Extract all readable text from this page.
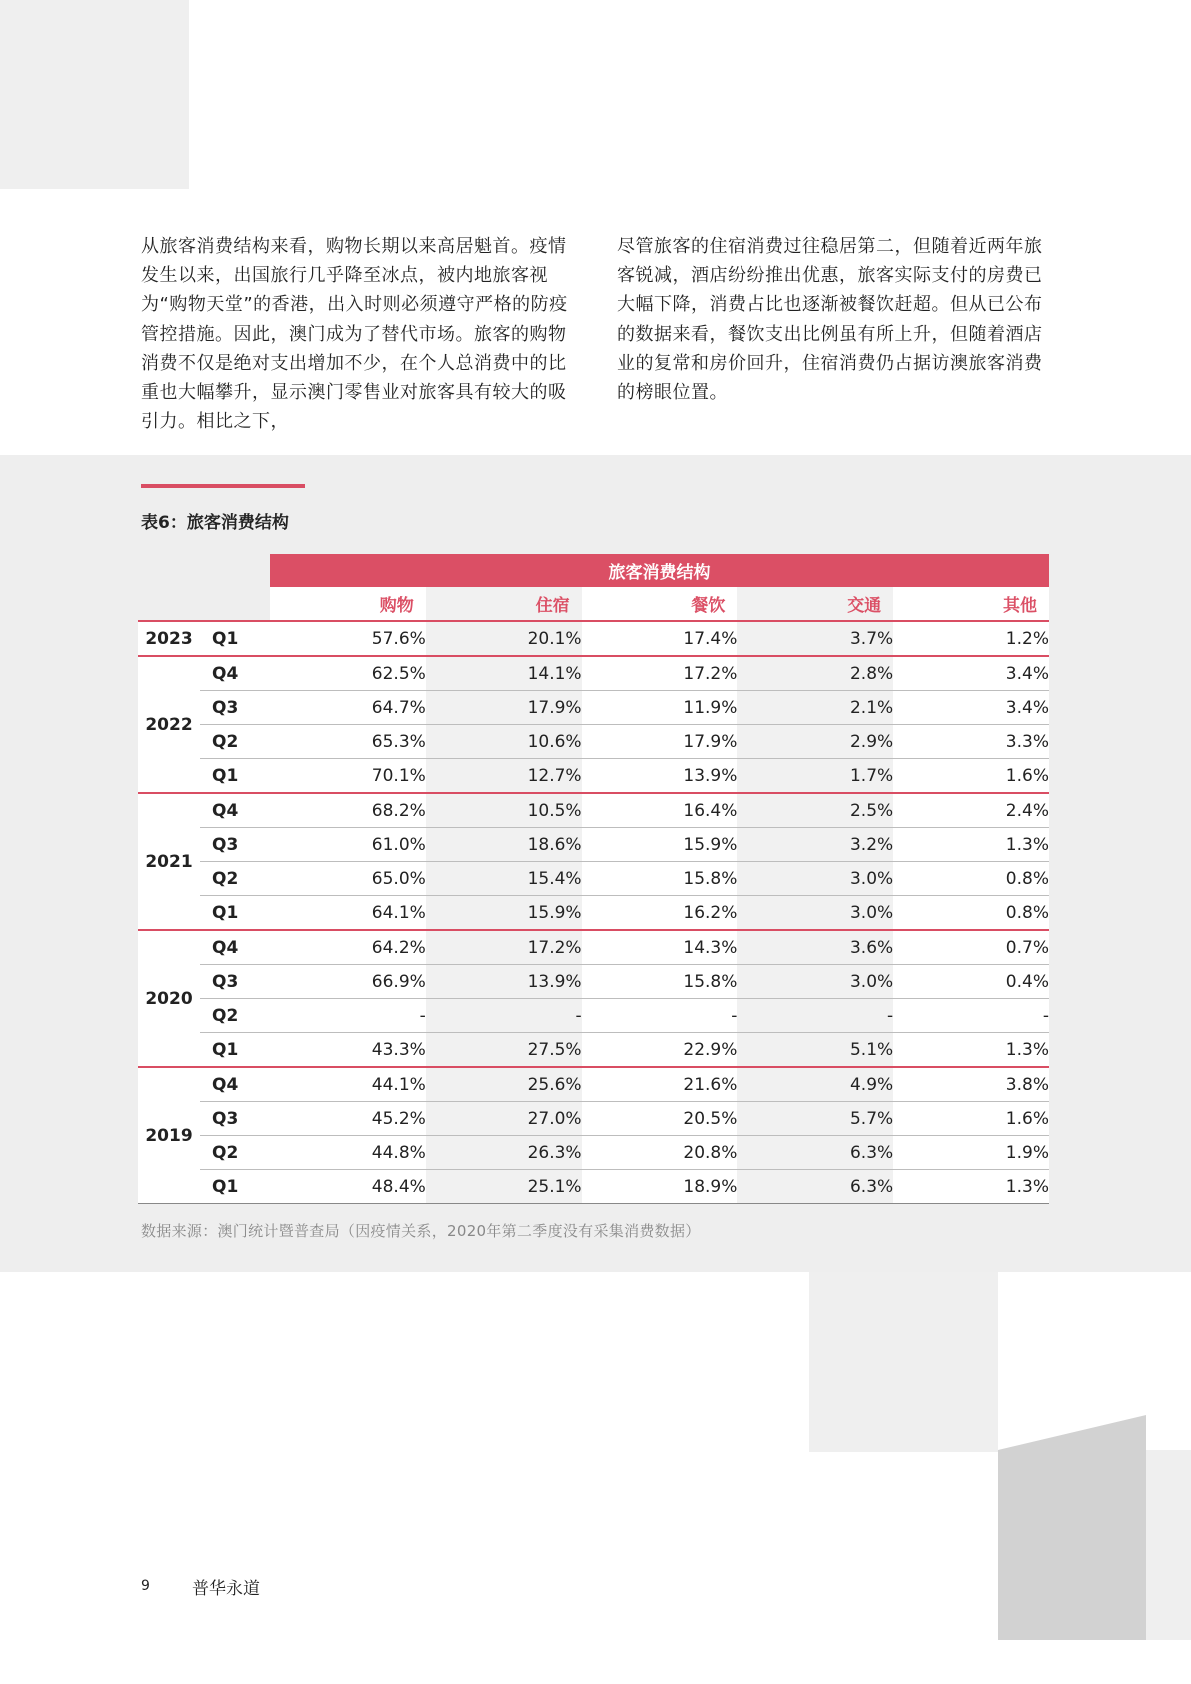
从旅客消费结构来看，购物长期以来高居魁首。疫情发生以来，出国旅行几乎降至冰点，被内地旅客视为“购物天堂”的香港，出入时则必须遵守严格的防疫管控措施。因此，澳门成为了替代市场。旅客的购物消费不仅是绝对支出增加不少，在个人总消费中的比重也大幅攀升，显示澳门零售业对旅客具有较大的吸引力。相比之下，

尽管旅客的住宿消费过往稳居第二，但随着近两年旅客锐减，酒店纷纷推出优惠，旅客实际支付的房费已大幅下降，消费占比也逐渐被餐饮赶超。但从已公布的数据来看，餐饮支出比例虽有所上升，但随着酒店业的复常和房价回升，住宿消费仍占据访澳旅客消费的榜眼位置。

表6：旅客消费结构
		旅客消费结构				
		购物	住宿	餐饮	交通	其他
2023	Q1	57.6%	20.1%	17.4%	3.7%	1.2%
2022	Q4	62.5%	14.1%	17.2%	2.8%	3.4%
	Q3	64.7%	17.9%	11.9%	2.1%	3.4%
	Q2	65.3%	10.6%	17.9%	2.9%	3.3%
	Q1	70.1%	12.7%	13.9%	1.7%	1.6%
2021	Q4	68.2%	10.5%	16.4%	2.5%	2.4%
	Q3	61.0%	18.6%	15.9%	3.2%	1.3%
	Q2	65.0%	15.4%	15.8%	3.0%	0.8%
	Q1	64.1%	15.9%	16.2%	3.0%	0.8%
2020	Q4	64.2%	17.2%	14.3%	3.6%	0.7%
	Q3	66.9%	13.9%	15.8%	3.0%	0.4%
	Q2	-	-	-	-	-
	Q1	43.3%	27.5%	22.9%	5.1%	1.3%
2019	Q4	44.1%	25.6%	21.6%	4.9%	3.8%
	Q3	45.2%	27.0%	20.5%	5.7%	1.6%
	Q2	44.8%	26.3%	20.8%	6.3%	1.9%
	Q1	48.4%	25.1%	18.9%	6.3%	1.3%
数据来源：澳门统计暨普查局（因疫情关系，2020年第二季度没有采集消费数据）
9 普华永道
